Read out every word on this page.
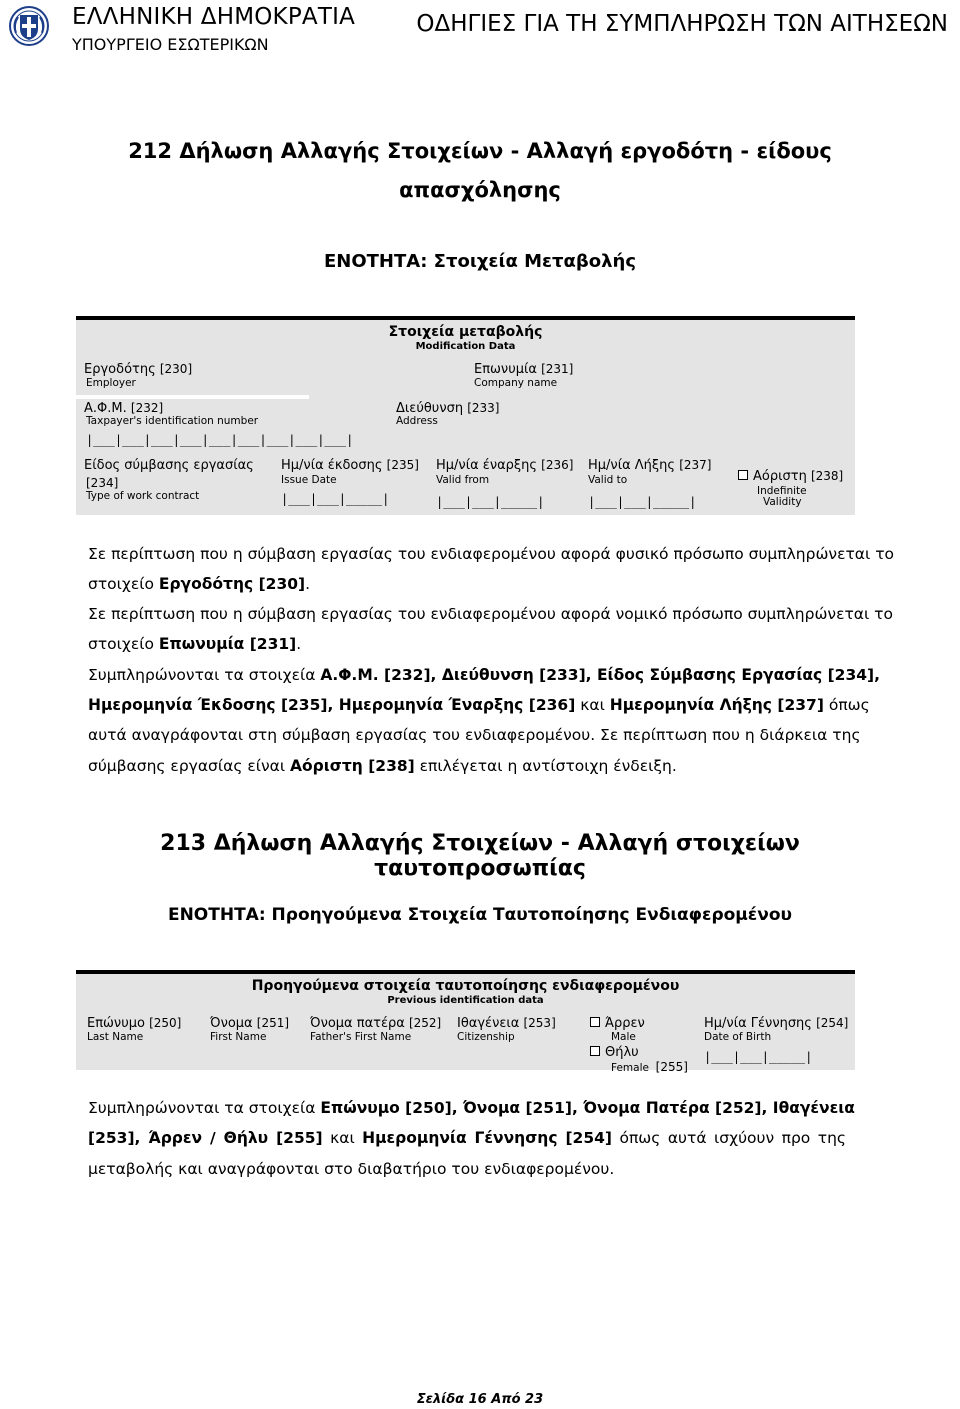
ΕΛΛΗΝΙΚΗ ΔΗΜΟΚΡΑΤΙΑ
ΥΠΟΥΡΓΕΙΟ ΕΣΩΤΕΡΙΚΩΝ
ΟΔΗΓΙΕΣ ΓΙΑ ΤΗ ΣΥΜΠΛΗΡΩΣΗ ΤΩΝ ΑΙΤΗΣΕΩΝ
212 Δήλωση Αλλαγής Στοιχείων - Αλλαγή εργοδότη - είδους
απασχόλησης
ΕΝΟΤΗΤΑ: Στοιχεία Μεταβολής
Στοιχεία μεταβολής
Modification Data
Εργοδότης [230]
Employer
Επωνυμία [231]
Company name
Α.Φ.Μ. [232]
Taxpayer's identification number
Διεύθυνση [233]
Address
|___|___|___|___|___|___|___|___|___|
Είδος σύμβασης εργασίας
[234]
Type of work contract
Ημ/νία έκδοσης [235]
Issue Date
|___|___|_____|
Ημ/νία έναρξης [236]
Valid from
|___|___|_____|
Ημ/νία Λήξης [237]
Valid to
|___|___|_____|
Αόριστη [238]
Indefinite
Validity
Σε περίπτωση που η σύμβαση εργασίας του ενδιαφερομένου αφορά φυσικό πρόσωπο συμπληρώνεται το
στοιχείο Εργοδότης [230].
Σε περίπτωση που η σύμβαση εργασίας του ενδιαφερομένου αφορά νομικό πρόσωπο συμπληρώνεται το
στοιχείο Επωνυμία [231].
Συμπληρώνονται τα στοιχεία Α.Φ.Μ. [232], Διεύθυνση [233], Είδος Σύμβασης Εργασίας [234],
Ημερομηνία Έκδοσης [235], Ημερομηνία Έναρξης [236] και Ημερομηνία Λήξης [237] όπως
αυτά αναγράφονται στη σύμβαση εργασίας του ενδιαφερομένου. Σε περίπτωση που η διάρκεια της
σύμβασης εργασίας είναι Αόριστη [238] επιλέγεται η αντίστοιχη ένδειξη.
213 Δήλωση Αλλαγής Στοιχείων - Αλλαγή στοιχείων ταυτοπροσωπίας
ΕΝΟΤΗΤΑ: Προηγούμενα Στοιχεία Ταυτοποίησης Ενδιαφερομένου
Προηγούμενα στοιχεία ταυτοποίησης ενδιαφερομένου
Previous identification data
Επώνυμο [250]
Last Name
Όνομα [251]
First Name
Όνομα πατέρα [252]
Father's First Name
Ιθαγένεια [253]
Citizenship
Άρρεν
Male
Θήλυ
Female [255]
Ημ/νία Γέννησης [254]
Date of Birth
|___|___|_____|
Συμπληρώνονται τα στοιχεία Επώνυμο [250], Όνομα [251], Όνομα Πατέρα [252], Ιθαγένεια
[253], Άρρεν / Θήλυ [255] και Ημερομηνία Γέννησης [254] όπως αυτά ισχύουν προ της
μεταβολής και αναγράφονται στο διαβατήριο του ενδιαφερομένου.
Σελίδα 16 Από 23
